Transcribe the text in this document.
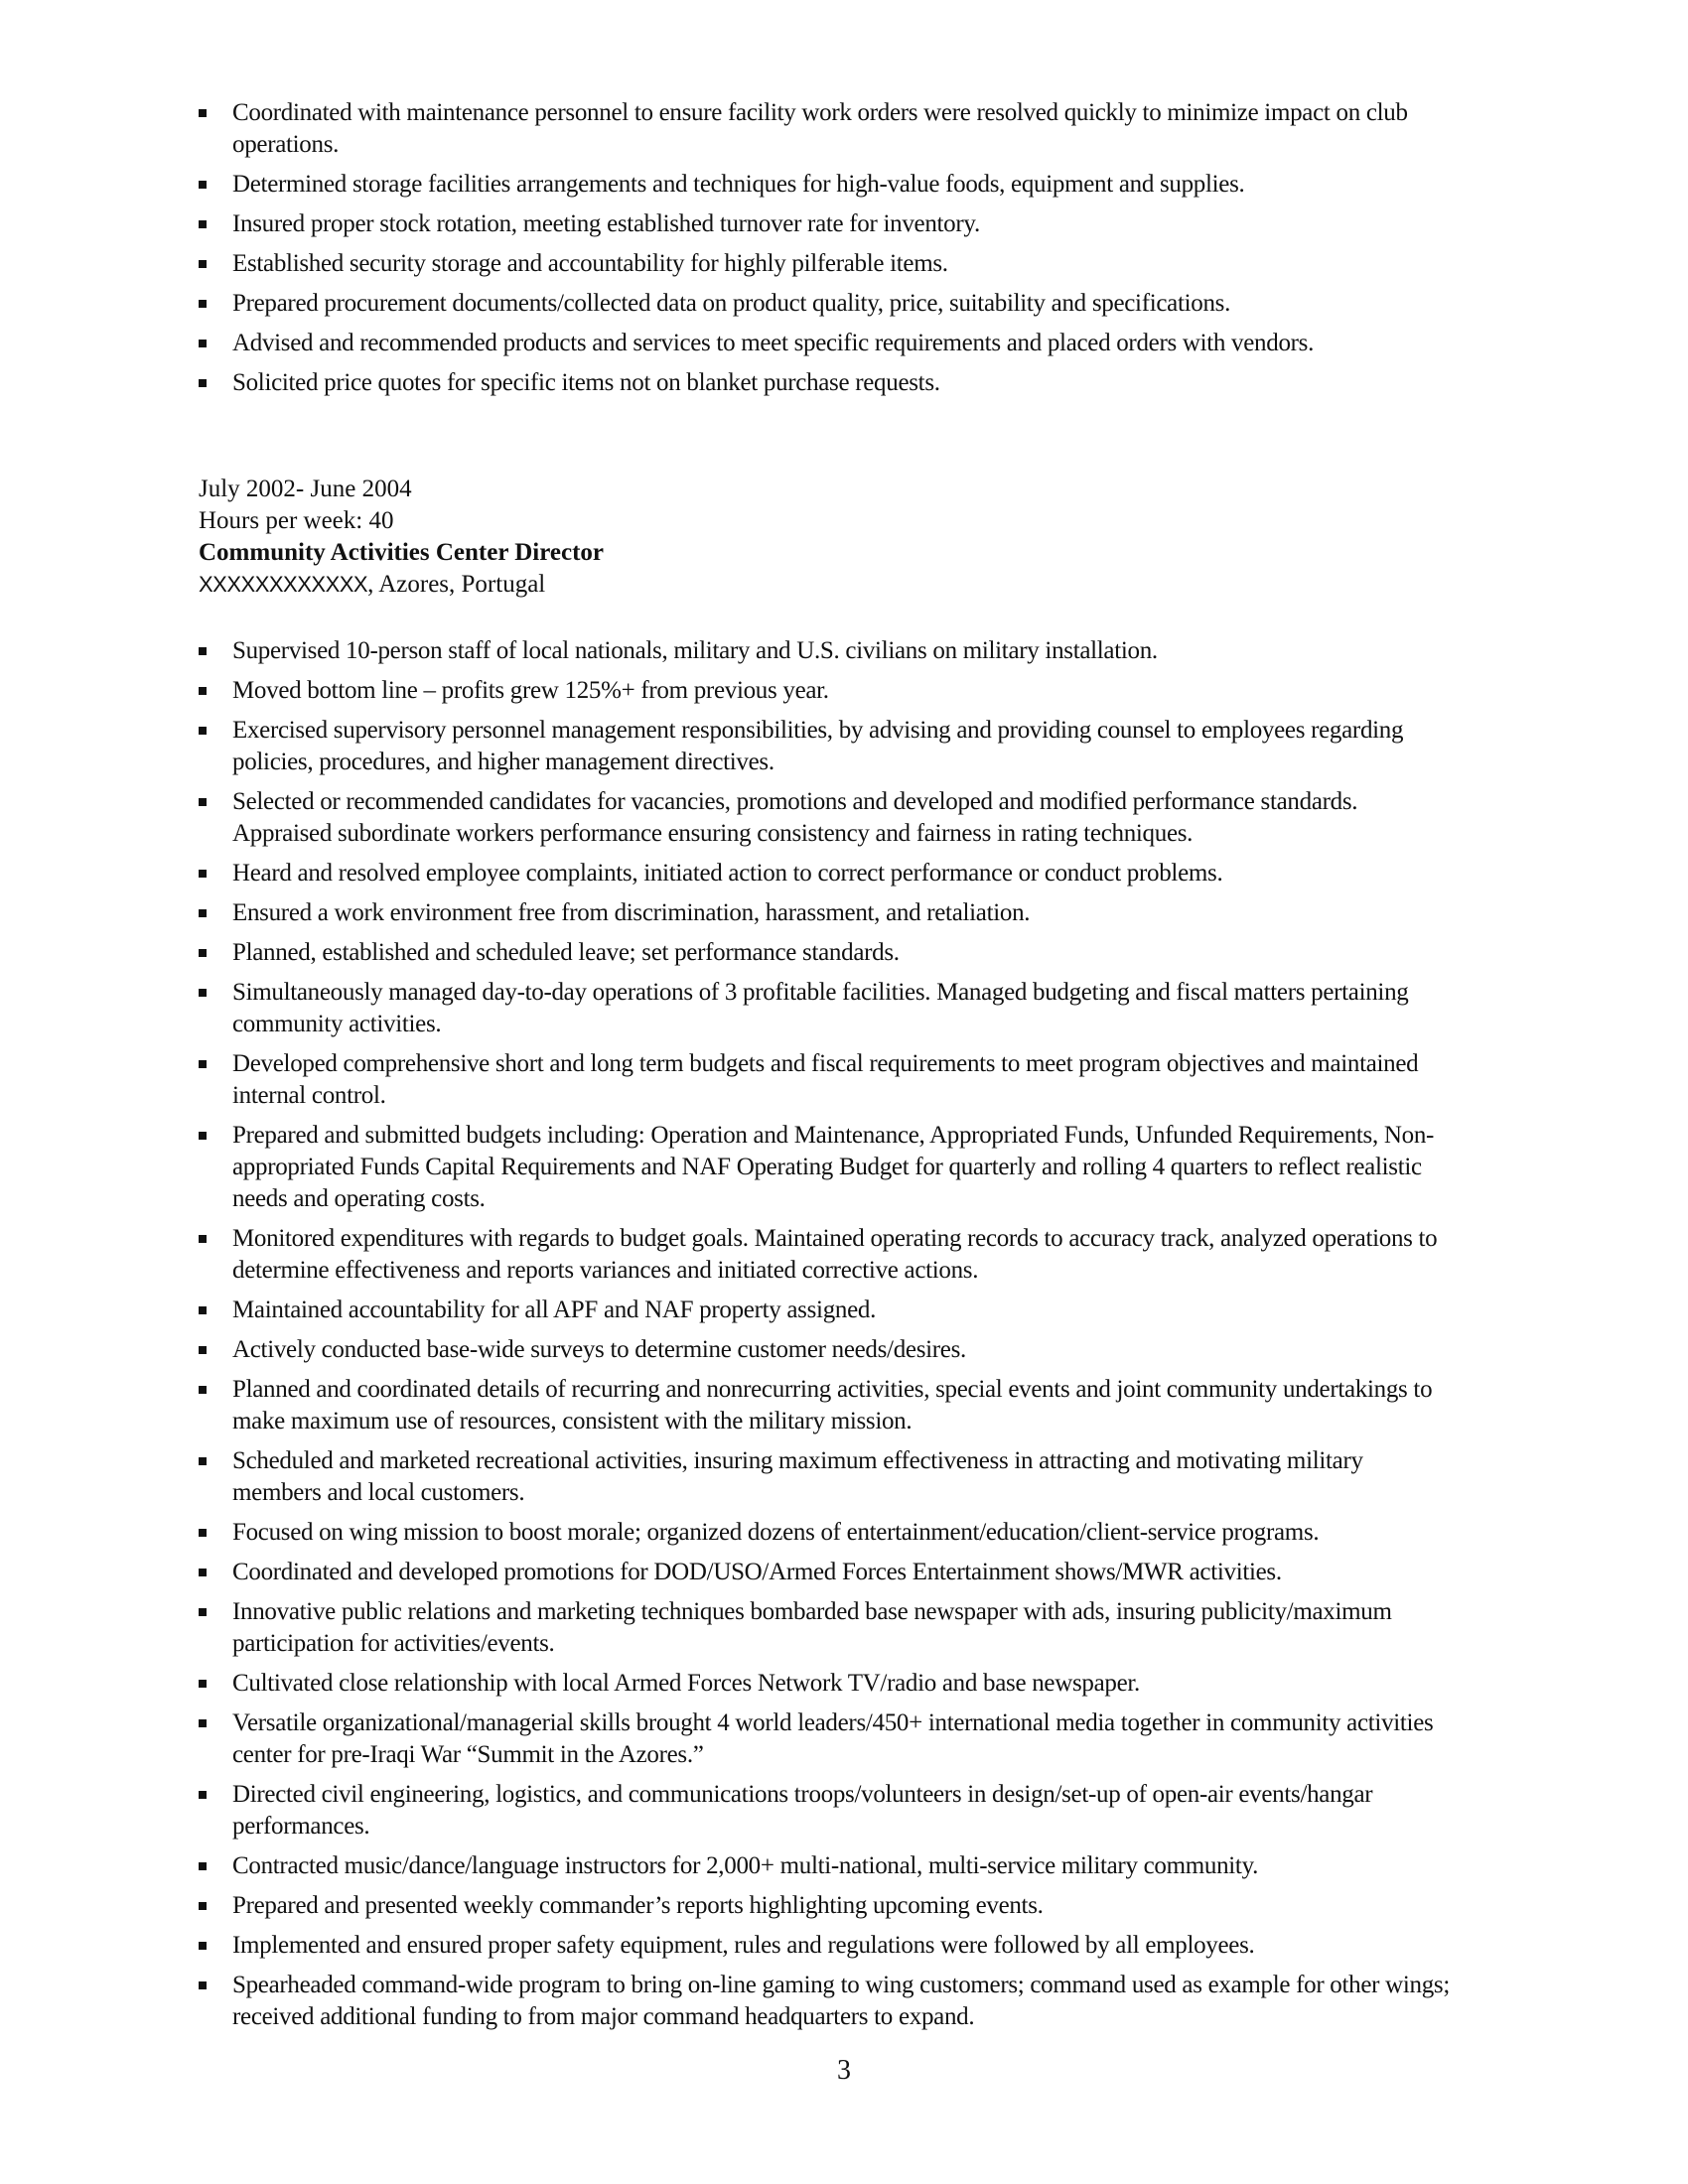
Coordinated with maintenance personnel to ensure facility work orders were resolved quickly to minimize impact on club operations.
Determined storage facilities arrangements and techniques for high-value foods, equipment and supplies.
Insured proper stock rotation, meeting established turnover rate for inventory.
Established security storage and accountability for highly pilferable items.
Prepared procurement documents/collected data on product quality, price, suitability and specifications.
Advised and recommended products and services to meet specific requirements and placed orders with vendors.
Solicited price quotes for specific items not on blanket purchase requests.
July 2002- June 2004
Hours per week: 40
Community Activities Center Director
XXXXXXXXXXXX, Azores, Portugal
Supervised 10-person staff of local nationals, military and U.S. civilians on military installation.
Moved bottom line – profits grew 125%+ from previous year.
Exercised supervisory personnel management responsibilities, by advising and providing counsel to employees regarding policies, procedures, and higher management directives.
Selected or recommended candidates for vacancies, promotions and developed and modified performance standards. Appraised subordinate workers performance ensuring consistency and fairness in rating techniques.
Heard and resolved employee complaints, initiated action to correct performance or conduct problems.
Ensured a work environment free from discrimination, harassment, and retaliation.
Planned, established and scheduled leave; set performance standards.
Simultaneously managed day-to-day operations of 3 profitable facilities. Managed budgeting and fiscal matters pertaining community activities.
Developed comprehensive short and long term budgets and fiscal requirements to meet program objectives and maintained internal control.
Prepared and submitted budgets including: Operation and Maintenance, Appropriated Funds, Unfunded Requirements, Non-appropriated Funds Capital Requirements and NAF Operating Budget for quarterly and rolling 4 quarters to reflect realistic needs and operating costs.
Monitored expenditures with regards to budget goals. Maintained operating records to accuracy track, analyzed operations to determine effectiveness and reports variances and initiated corrective actions.
Maintained accountability for all APF and NAF property assigned.
Actively conducted base-wide surveys to determine customer needs/desires.
Planned and coordinated details of recurring and nonrecurring activities, special events and joint community undertakings to make maximum use of resources, consistent with the military mission.
Scheduled and marketed recreational activities, insuring maximum effectiveness in attracting and motivating military members and local customers.
Focused on wing mission to boost morale; organized dozens of entertainment/education/client-service programs.
Coordinated and developed promotions for DOD/USO/Armed Forces Entertainment shows/MWR activities.
Innovative public relations and marketing techniques bombarded base newspaper with ads, insuring publicity/maximum participation for activities/events.
Cultivated close relationship with local Armed Forces Network TV/radio and base newspaper.
Versatile organizational/managerial skills brought 4 world leaders/450+ international media together in community activities center for pre-Iraqi War “Summit in the Azores.”
Directed civil engineering, logistics, and communications troops/volunteers in design/set-up of open-air events/hangar performances.
Contracted music/dance/language instructors for 2,000+ multi-national, multi-service military community.
Prepared and presented weekly commander’s reports highlighting upcoming events.
Implemented and ensured proper safety equipment, rules and regulations were followed by all employees.
Spearheaded command-wide program to bring on-line gaming to wing customers; command used as example for other wings; received additional funding to from major command headquarters to expand.
3
